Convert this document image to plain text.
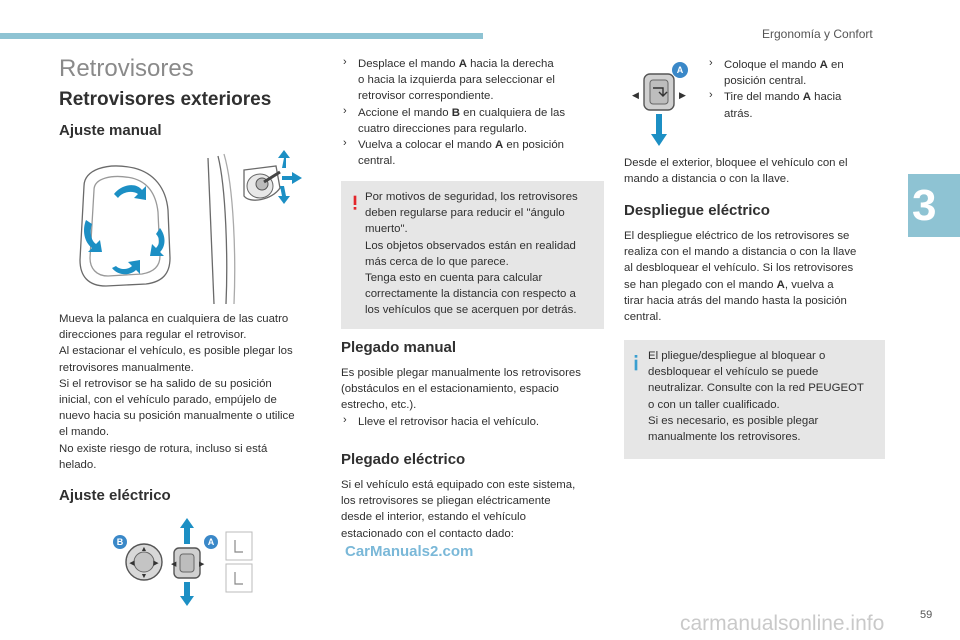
Ergonomía y Confort
3
59
Retrovisores
Retrovisores exteriores
Ajuste manual

Mueva la palanca en cualquiera de las cuatro

direcciones para regular el retrovisor.

Al estacionar el vehículo, es posible plegar los

retrovisores manualmente.

Si el retrovisor se ha salido de su posición

inicial, con el vehículo parado, empújelo de

nuevo hacia su posición manualmente o utilice

el mando.

No existe riesgo de rotura, incluso si está

helado.

Ajuste eléctrico
▲
▼
◀	▶ ◀	▶
B	A

› Desplace el mando A hacia la derecha

o hacia la izquierda para seleccionar el

retrovisor correspondiente.

› Accione el mando B en cualquiera de las

cuatro direcciones para regularlo.

› Vuelva a colocar el mando A en posición

central.

Por motivos de seguridad, los retrovisores

deben regularse para reducir el "ángulo

muerto".

Los objetos observados están en realidad

más cerca de lo que parece.

Tenga esto en cuenta para calcular

correctamente la distancia con respecto a

los vehículos que se acerquen por detrás.

Plegado manual

Es posible plegar manualmente los retrovisores

(obstáculos en el estacionamiento, espacio

estrecho, etc.).

› Lleve el retrovisor hacia el vehículo.

Plegado eléctrico

Si el vehículo está equipado con este sistema,

los retrovisores se pliegan eléctricamente

desde el interior, estando el vehículo

estacionado con el contacto dado:

◀	▶
A

›	Coloque el mando A en

posición central.

› Tire del mando A hacia

atrás.

Desde el exterior, bloquee el vehículo con el

mando a distancia o con la llave.

Despliegue eléctrico

El despliegue eléctrico de los retrovisores se

realiza con el mando a distancia o con la llave

al desbloquear el vehículo. Si los retrovisores

se han plegado con el mando A, vuelva a

tirar hacia atrás del mando hasta la posición

central.

El pliegue/despliegue al bloquear o

desbloquear el vehículo se puede

neutralizar. Consulte con la red PEUGEOT

o con un taller cualificado.

Si es necesario, es posible plegar

manualmente los retrovisores.

CarManuals2.com
carmanualsonline.info
